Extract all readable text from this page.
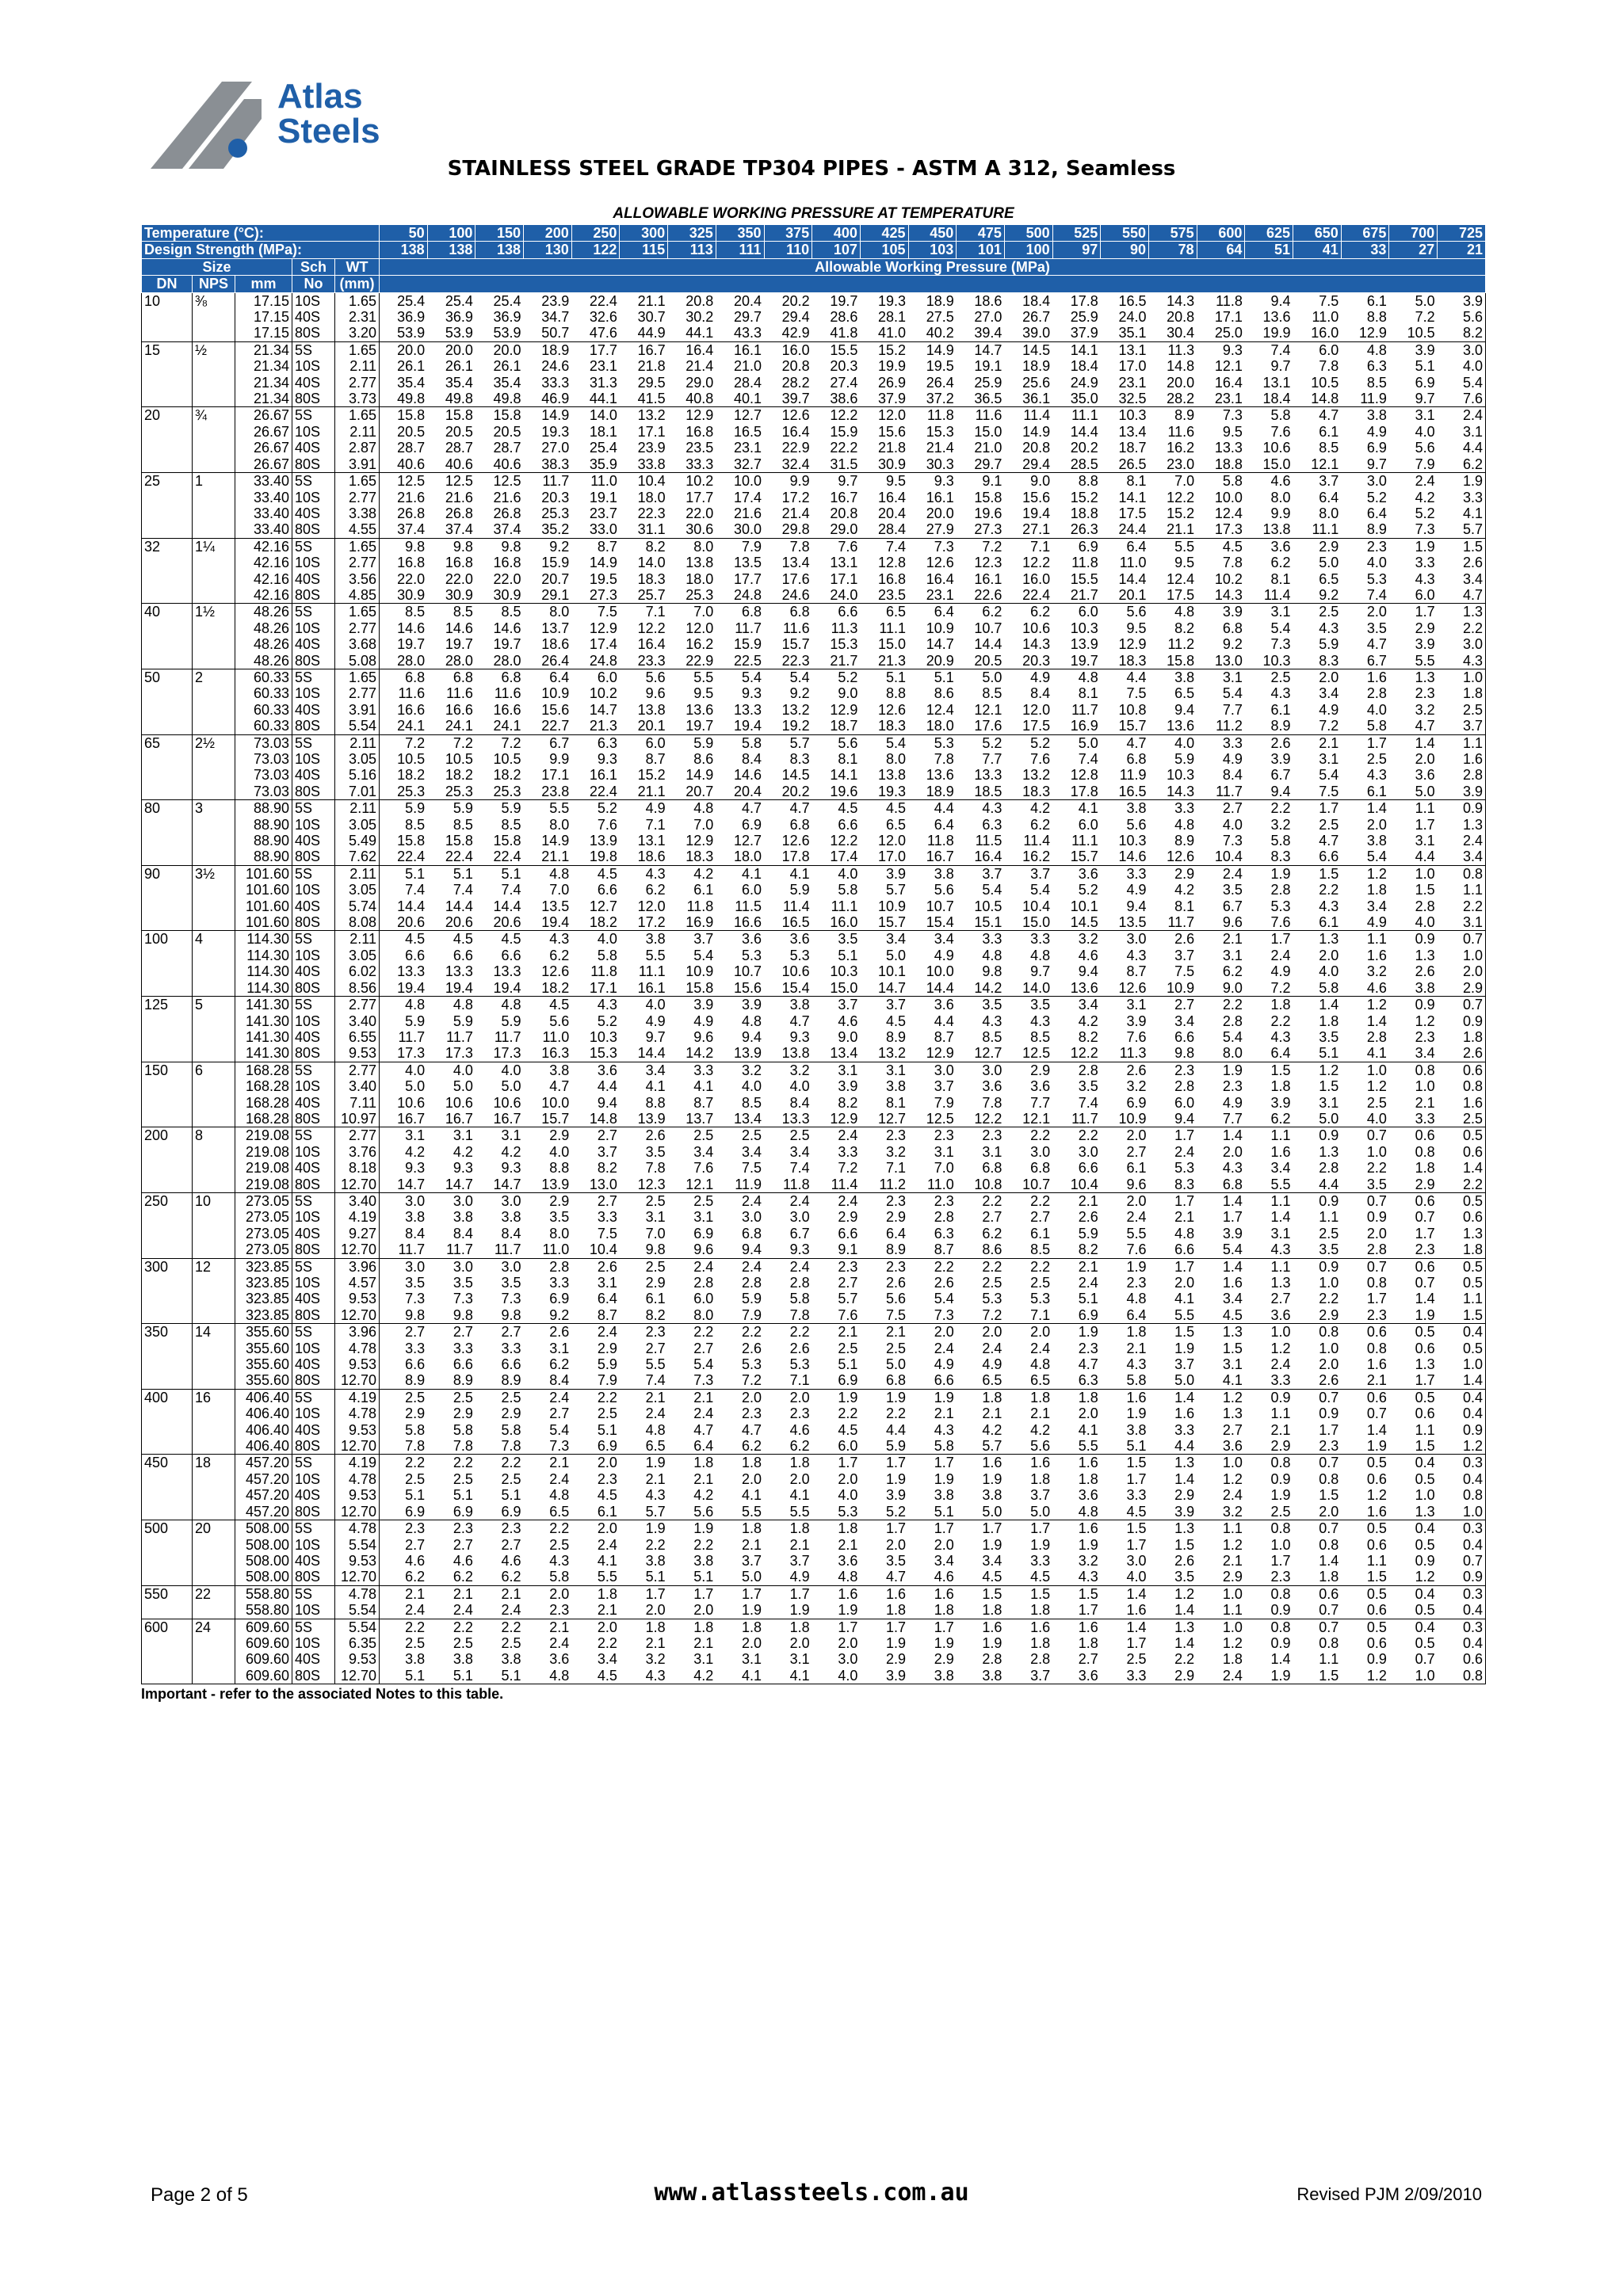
Atlas
Steels
STAINLESS STEEL GRADE TP304 PIPES - ASTM A 312, Seamless
ALLOWABLE WORKING PRESSURE AT TEMPERATURE
Temperature (°C):					50	100	150	200	250	300	325	350	375	400	425	450	475	500	525	550	575	600	625	650	675	700	725
Design Strength (MPa):					138	138	138	130	122	115	113	111	110	107	105	103	101	100	97	90	78	64	51	41	33	27	21
Size			Sch	WT	Allowable Working Pressure (MPa)																						
DN	NPS	mm	No	(mm)																							
10	⅜	17.15	10S	1.65	25.4	25.4	25.4	23.9	22.4	21.1	20.8	20.4	20.2	19.7	19.3	18.9	18.6	18.4	17.8	16.5	14.3	11.8	9.4	7.5	6.1	5.0	3.9
		17.15	40S	2.31	36.9	36.9	36.9	34.7	32.6	30.7	30.2	29.7	29.4	28.6	28.1	27.5	27.0	26.7	25.9	24.0	20.8	17.1	13.6	11.0	8.8	7.2	5.6
		17.15	80S	3.20	53.9	53.9	53.9	50.7	47.6	44.9	44.1	43.3	42.9	41.8	41.0	40.2	39.4	39.0	37.9	35.1	30.4	25.0	19.9	16.0	12.9	10.5	8.2
15	½	21.34	5S	1.65	20.0	20.0	20.0	18.9	17.7	16.7	16.4	16.1	16.0	15.5	15.2	14.9	14.7	14.5	14.1	13.1	11.3	9.3	7.4	6.0	4.8	3.9	3.0
		21.34	10S	2.11	26.1	26.1	26.1	24.6	23.1	21.8	21.4	21.0	20.8	20.3	19.9	19.5	19.1	18.9	18.4	17.0	14.8	12.1	9.7	7.8	6.3	5.1	4.0
		21.34	40S	2.77	35.4	35.4	35.4	33.3	31.3	29.5	29.0	28.4	28.2	27.4	26.9	26.4	25.9	25.6	24.9	23.1	20.0	16.4	13.1	10.5	8.5	6.9	5.4
		21.34	80S	3.73	49.8	49.8	49.8	46.9	44.1	41.5	40.8	40.1	39.7	38.6	37.9	37.2	36.5	36.1	35.0	32.5	28.2	23.1	18.4	14.8	11.9	9.7	7.6
20	¾	26.67	5S	1.65	15.8	15.8	15.8	14.9	14.0	13.2	12.9	12.7	12.6	12.2	12.0	11.8	11.6	11.4	11.1	10.3	8.9	7.3	5.8	4.7	3.8	3.1	2.4
		26.67	10S	2.11	20.5	20.5	20.5	19.3	18.1	17.1	16.8	16.5	16.4	15.9	15.6	15.3	15.0	14.9	14.4	13.4	11.6	9.5	7.6	6.1	4.9	4.0	3.1
		26.67	40S	2.87	28.7	28.7	28.7	27.0	25.4	23.9	23.5	23.1	22.9	22.2	21.8	21.4	21.0	20.8	20.2	18.7	16.2	13.3	10.6	8.5	6.9	5.6	4.4
		26.67	80S	3.91	40.6	40.6	40.6	38.3	35.9	33.8	33.3	32.7	32.4	31.5	30.9	30.3	29.7	29.4	28.5	26.5	23.0	18.8	15.0	12.1	9.7	7.9	6.2
25	1	33.40	5S	1.65	12.5	12.5	12.5	11.7	11.0	10.4	10.2	10.0	9.9	9.7	9.5	9.3	9.1	9.0	8.8	8.1	7.0	5.8	4.6	3.7	3.0	2.4	1.9
		33.40	10S	2.77	21.6	21.6	21.6	20.3	19.1	18.0	17.7	17.4	17.2	16.7	16.4	16.1	15.8	15.6	15.2	14.1	12.2	10.0	8.0	6.4	5.2	4.2	3.3
		33.40	40S	3.38	26.8	26.8	26.8	25.3	23.7	22.3	22.0	21.6	21.4	20.8	20.4	20.0	19.6	19.4	18.8	17.5	15.2	12.4	9.9	8.0	6.4	5.2	4.1
		33.40	80S	4.55	37.4	37.4	37.4	35.2	33.0	31.1	30.6	30.0	29.8	29.0	28.4	27.9	27.3	27.1	26.3	24.4	21.1	17.3	13.8	11.1	8.9	7.3	5.7
32	1¼	42.16	5S	1.65	9.8	9.8	9.8	9.2	8.7	8.2	8.0	7.9	7.8	7.6	7.4	7.3	7.2	7.1	6.9	6.4	5.5	4.5	3.6	2.9	2.3	1.9	1.5
		42.16	10S	2.77	16.8	16.8	16.8	15.9	14.9	14.0	13.8	13.5	13.4	13.1	12.8	12.6	12.3	12.2	11.8	11.0	9.5	7.8	6.2	5.0	4.0	3.3	2.6
		42.16	40S	3.56	22.0	22.0	22.0	20.7	19.5	18.3	18.0	17.7	17.6	17.1	16.8	16.4	16.1	16.0	15.5	14.4	12.4	10.2	8.1	6.5	5.3	4.3	3.4
		42.16	80S	4.85	30.9	30.9	30.9	29.1	27.3	25.7	25.3	24.8	24.6	24.0	23.5	23.1	22.6	22.4	21.7	20.1	17.5	14.3	11.4	9.2	7.4	6.0	4.7
40	1½	48.26	5S	1.65	8.5	8.5	8.5	8.0	7.5	7.1	7.0	6.8	6.8	6.6	6.5	6.4	6.2	6.2	6.0	5.6	4.8	3.9	3.1	2.5	2.0	1.7	1.3
		48.26	10S	2.77	14.6	14.6	14.6	13.7	12.9	12.2	12.0	11.7	11.6	11.3	11.1	10.9	10.7	10.6	10.3	9.5	8.2	6.8	5.4	4.3	3.5	2.9	2.2
		48.26	40S	3.68	19.7	19.7	19.7	18.6	17.4	16.4	16.2	15.9	15.7	15.3	15.0	14.7	14.4	14.3	13.9	12.9	11.2	9.2	7.3	5.9	4.7	3.9	3.0
		48.26	80S	5.08	28.0	28.0	28.0	26.4	24.8	23.3	22.9	22.5	22.3	21.7	21.3	20.9	20.5	20.3	19.7	18.3	15.8	13.0	10.3	8.3	6.7	5.5	4.3
50	2	60.33	5S	1.65	6.8	6.8	6.8	6.4	6.0	5.6	5.5	5.4	5.4	5.2	5.1	5.1	5.0	4.9	4.8	4.4	3.8	3.1	2.5	2.0	1.6	1.3	1.0
		60.33	10S	2.77	11.6	11.6	11.6	10.9	10.2	9.6	9.5	9.3	9.2	9.0	8.8	8.6	8.5	8.4	8.1	7.5	6.5	5.4	4.3	3.4	2.8	2.3	1.8
		60.33	40S	3.91	16.6	16.6	16.6	15.6	14.7	13.8	13.6	13.3	13.2	12.9	12.6	12.4	12.1	12.0	11.7	10.8	9.4	7.7	6.1	4.9	4.0	3.2	2.5
		60.33	80S	5.54	24.1	24.1	24.1	22.7	21.3	20.1	19.7	19.4	19.2	18.7	18.3	18.0	17.6	17.5	16.9	15.7	13.6	11.2	8.9	7.2	5.8	4.7	3.7
65	2½	73.03	5S	2.11	7.2	7.2	7.2	6.7	6.3	6.0	5.9	5.8	5.7	5.6	5.4	5.3	5.2	5.2	5.0	4.7	4.0	3.3	2.6	2.1	1.7	1.4	1.1
		73.03	10S	3.05	10.5	10.5	10.5	9.9	9.3	8.7	8.6	8.4	8.3	8.1	8.0	7.8	7.7	7.6	7.4	6.8	5.9	4.9	3.9	3.1	2.5	2.0	1.6
		73.03	40S	5.16	18.2	18.2	18.2	17.1	16.1	15.2	14.9	14.6	14.5	14.1	13.8	13.6	13.3	13.2	12.8	11.9	10.3	8.4	6.7	5.4	4.3	3.6	2.8
		73.03	80S	7.01	25.3	25.3	25.3	23.8	22.4	21.1	20.7	20.4	20.2	19.6	19.3	18.9	18.5	18.3	17.8	16.5	14.3	11.7	9.4	7.5	6.1	5.0	3.9
80	3	88.90	5S	2.11	5.9	5.9	5.9	5.5	5.2	4.9	4.8	4.7	4.7	4.5	4.5	4.4	4.3	4.2	4.1	3.8	3.3	2.7	2.2	1.7	1.4	1.1	0.9
		88.90	10S	3.05	8.5	8.5	8.5	8.0	7.6	7.1	7.0	6.9	6.8	6.6	6.5	6.4	6.3	6.2	6.0	5.6	4.8	4.0	3.2	2.5	2.0	1.7	1.3
		88.90	40S	5.49	15.8	15.8	15.8	14.9	13.9	13.1	12.9	12.7	12.6	12.2	12.0	11.8	11.5	11.4	11.1	10.3	8.9	7.3	5.8	4.7	3.8	3.1	2.4
		88.90	80S	7.62	22.4	22.4	22.4	21.1	19.8	18.6	18.3	18.0	17.8	17.4	17.0	16.7	16.4	16.2	15.7	14.6	12.6	10.4	8.3	6.6	5.4	4.4	3.4
90	3½	101.60	5S	2.11	5.1	5.1	5.1	4.8	4.5	4.3	4.2	4.1	4.1	4.0	3.9	3.8	3.7	3.7	3.6	3.3	2.9	2.4	1.9	1.5	1.2	1.0	0.8
		101.60	10S	3.05	7.4	7.4	7.4	7.0	6.6	6.2	6.1	6.0	5.9	5.8	5.7	5.6	5.4	5.4	5.2	4.9	4.2	3.5	2.8	2.2	1.8	1.5	1.1
		101.60	40S	5.74	14.4	14.4	14.4	13.5	12.7	12.0	11.8	11.5	11.4	11.1	10.9	10.7	10.5	10.4	10.1	9.4	8.1	6.7	5.3	4.3	3.4	2.8	2.2
		101.60	80S	8.08	20.6	20.6	20.6	19.4	18.2	17.2	16.9	16.6	16.5	16.0	15.7	15.4	15.1	15.0	14.5	13.5	11.7	9.6	7.6	6.1	4.9	4.0	3.1
100	4	114.30	5S	2.11	4.5	4.5	4.5	4.3	4.0	3.8	3.7	3.6	3.6	3.5	3.4	3.4	3.3	3.3	3.2	3.0	2.6	2.1	1.7	1.3	1.1	0.9	0.7
		114.30	10S	3.05	6.6	6.6	6.6	6.2	5.8	5.5	5.4	5.3	5.3	5.1	5.0	4.9	4.8	4.8	4.6	4.3	3.7	3.1	2.4	2.0	1.6	1.3	1.0
		114.30	40S	6.02	13.3	13.3	13.3	12.6	11.8	11.1	10.9	10.7	10.6	10.3	10.1	10.0	9.8	9.7	9.4	8.7	7.5	6.2	4.9	4.0	3.2	2.6	2.0
		114.30	80S	8.56	19.4	19.4	19.4	18.2	17.1	16.1	15.8	15.6	15.4	15.0	14.7	14.4	14.2	14.0	13.6	12.6	10.9	9.0	7.2	5.8	4.6	3.8	2.9
125	5	141.30	5S	2.77	4.8	4.8	4.8	4.5	4.3	4.0	3.9	3.9	3.8	3.7	3.7	3.6	3.5	3.5	3.4	3.1	2.7	2.2	1.8	1.4	1.2	0.9	0.7
		141.30	10S	3.40	5.9	5.9	5.9	5.6	5.2	4.9	4.9	4.8	4.7	4.6	4.5	4.4	4.3	4.3	4.2	3.9	3.4	2.8	2.2	1.8	1.4	1.2	0.9
		141.30	40S	6.55	11.7	11.7	11.7	11.0	10.3	9.7	9.6	9.4	9.3	9.0	8.9	8.7	8.5	8.5	8.2	7.6	6.6	5.4	4.3	3.5	2.8	2.3	1.8
		141.30	80S	9.53	17.3	17.3	17.3	16.3	15.3	14.4	14.2	13.9	13.8	13.4	13.2	12.9	12.7	12.5	12.2	11.3	9.8	8.0	6.4	5.1	4.1	3.4	2.6
150	6	168.28	5S	2.77	4.0	4.0	4.0	3.8	3.6	3.4	3.3	3.2	3.2	3.1	3.1	3.0	3.0	2.9	2.8	2.6	2.3	1.9	1.5	1.2	1.0	0.8	0.6
		168.28	10S	3.40	5.0	5.0	5.0	4.7	4.4	4.1	4.1	4.0	4.0	3.9	3.8	3.7	3.6	3.6	3.5	3.2	2.8	2.3	1.8	1.5	1.2	1.0	0.8
		168.28	40S	7.11	10.6	10.6	10.6	10.0	9.4	8.8	8.7	8.5	8.4	8.2	8.1	7.9	7.8	7.7	7.4	6.9	6.0	4.9	3.9	3.1	2.5	2.1	1.6
		168.28	80S	10.97	16.7	16.7	16.7	15.7	14.8	13.9	13.7	13.4	13.3	12.9	12.7	12.5	12.2	12.1	11.7	10.9	9.4	7.7	6.2	5.0	4.0	3.3	2.5
200	8	219.08	5S	2.77	3.1	3.1	3.1	2.9	2.7	2.6	2.5	2.5	2.5	2.4	2.3	2.3	2.3	2.2	2.2	2.0	1.7	1.4	1.1	0.9	0.7	0.6	0.5
		219.08	10S	3.76	4.2	4.2	4.2	4.0	3.7	3.5	3.4	3.4	3.4	3.3	3.2	3.1	3.1	3.0	3.0	2.7	2.4	2.0	1.6	1.3	1.0	0.8	0.6
		219.08	40S	8.18	9.3	9.3	9.3	8.8	8.2	7.8	7.6	7.5	7.4	7.2	7.1	7.0	6.8	6.8	6.6	6.1	5.3	4.3	3.4	2.8	2.2	1.8	1.4
		219.08	80S	12.70	14.7	14.7	14.7	13.9	13.0	12.3	12.1	11.9	11.8	11.4	11.2	11.0	10.8	10.7	10.4	9.6	8.3	6.8	5.5	4.4	3.5	2.9	2.2
250	10	273.05	5S	3.40	3.0	3.0	3.0	2.9	2.7	2.5	2.5	2.4	2.4	2.4	2.3	2.3	2.2	2.2	2.1	2.0	1.7	1.4	1.1	0.9	0.7	0.6	0.5
		273.05	10S	4.19	3.8	3.8	3.8	3.5	3.3	3.1	3.1	3.0	3.0	2.9	2.9	2.8	2.7	2.7	2.6	2.4	2.1	1.7	1.4	1.1	0.9	0.7	0.6
		273.05	40S	9.27	8.4	8.4	8.4	8.0	7.5	7.0	6.9	6.8	6.7	6.6	6.4	6.3	6.2	6.1	5.9	5.5	4.8	3.9	3.1	2.5	2.0	1.7	1.3
		273.05	80S	12.70	11.7	11.7	11.7	11.0	10.4	9.8	9.6	9.4	9.3	9.1	8.9	8.7	8.6	8.5	8.2	7.6	6.6	5.4	4.3	3.5	2.8	2.3	1.8
300	12	323.85	5S	3.96	3.0	3.0	3.0	2.8	2.6	2.5	2.4	2.4	2.4	2.3	2.3	2.2	2.2	2.2	2.1	1.9	1.7	1.4	1.1	0.9	0.7	0.6	0.5
		323.85	10S	4.57	3.5	3.5	3.5	3.3	3.1	2.9	2.8	2.8	2.8	2.7	2.6	2.6	2.5	2.5	2.4	2.3	2.0	1.6	1.3	1.0	0.8	0.7	0.5
		323.85	40S	9.53	7.3	7.3	7.3	6.9	6.4	6.1	6.0	5.9	5.8	5.7	5.6	5.4	5.3	5.3	5.1	4.8	4.1	3.4	2.7	2.2	1.7	1.4	1.1
		323.85	80S	12.70	9.8	9.8	9.8	9.2	8.7	8.2	8.0	7.9	7.8	7.6	7.5	7.3	7.2	7.1	6.9	6.4	5.5	4.5	3.6	2.9	2.3	1.9	1.5
350	14	355.60	5S	3.96	2.7	2.7	2.7	2.6	2.4	2.3	2.2	2.2	2.2	2.1	2.1	2.0	2.0	2.0	1.9	1.8	1.5	1.3	1.0	0.8	0.6	0.5	0.4
		355.60	10S	4.78	3.3	3.3	3.3	3.1	2.9	2.7	2.7	2.6	2.6	2.5	2.5	2.4	2.4	2.4	2.3	2.1	1.9	1.5	1.2	1.0	0.8	0.6	0.5
		355.60	40S	9.53	6.6	6.6	6.6	6.2	5.9	5.5	5.4	5.3	5.3	5.1	5.0	4.9	4.9	4.8	4.7	4.3	3.7	3.1	2.4	2.0	1.6	1.3	1.0
		355.60	80S	12.70	8.9	8.9	8.9	8.4	7.9	7.4	7.3	7.2	7.1	6.9	6.8	6.6	6.5	6.5	6.3	5.8	5.0	4.1	3.3	2.6	2.1	1.7	1.4
400	16	406.40	5S	4.19	2.5	2.5	2.5	2.4	2.2	2.1	2.1	2.0	2.0	1.9	1.9	1.9	1.8	1.8	1.8	1.6	1.4	1.2	0.9	0.7	0.6	0.5	0.4
		406.40	10S	4.78	2.9	2.9	2.9	2.7	2.5	2.4	2.4	2.3	2.3	2.2	2.2	2.1	2.1	2.1	2.0	1.9	1.6	1.3	1.1	0.9	0.7	0.6	0.4
		406.40	40S	9.53	5.8	5.8	5.8	5.4	5.1	4.8	4.7	4.7	4.6	4.5	4.4	4.3	4.2	4.2	4.1	3.8	3.3	2.7	2.1	1.7	1.4	1.1	0.9
		406.40	80S	12.70	7.8	7.8	7.8	7.3	6.9	6.5	6.4	6.2	6.2	6.0	5.9	5.8	5.7	5.6	5.5	5.1	4.4	3.6	2.9	2.3	1.9	1.5	1.2
450	18	457.20	5S	4.19	2.2	2.2	2.2	2.1	2.0	1.9	1.8	1.8	1.8	1.7	1.7	1.7	1.6	1.6	1.6	1.5	1.3	1.0	0.8	0.7	0.5	0.4	0.3
		457.20	10S	4.78	2.5	2.5	2.5	2.4	2.3	2.1	2.1	2.0	2.0	2.0	1.9	1.9	1.9	1.8	1.8	1.7	1.4	1.2	0.9	0.8	0.6	0.5	0.4
		457.20	40S	9.53	5.1	5.1	5.1	4.8	4.5	4.3	4.2	4.1	4.1	4.0	3.9	3.8	3.8	3.7	3.6	3.3	2.9	2.4	1.9	1.5	1.2	1.0	0.8
		457.20	80S	12.70	6.9	6.9	6.9	6.5	6.1	5.7	5.6	5.5	5.5	5.3	5.2	5.1	5.0	5.0	4.8	4.5	3.9	3.2	2.5	2.0	1.6	1.3	1.0
500	20	508.00	5S	4.78	2.3	2.3	2.3	2.2	2.0	1.9	1.9	1.8	1.8	1.8	1.7	1.7	1.7	1.7	1.6	1.5	1.3	1.1	0.8	0.7	0.5	0.4	0.3
		508.00	10S	5.54	2.7	2.7	2.7	2.5	2.4	2.2	2.2	2.1	2.1	2.1	2.0	2.0	1.9	1.9	1.9	1.7	1.5	1.2	1.0	0.8	0.6	0.5	0.4
		508.00	40S	9.53	4.6	4.6	4.6	4.3	4.1	3.8	3.8	3.7	3.7	3.6	3.5	3.4	3.4	3.3	3.2	3.0	2.6	2.1	1.7	1.4	1.1	0.9	0.7
		508.00	80S	12.70	6.2	6.2	6.2	5.8	5.5	5.1	5.1	5.0	4.9	4.8	4.7	4.6	4.5	4.5	4.3	4.0	3.5	2.9	2.3	1.8	1.5	1.2	0.9
550	22	558.80	5S	4.78	2.1	2.1	2.1	2.0	1.8	1.7	1.7	1.7	1.7	1.6	1.6	1.6	1.5	1.5	1.5	1.4	1.2	1.0	0.8	0.6	0.5	0.4	0.3
		558.80	10S	5.54	2.4	2.4	2.4	2.3	2.1	2.0	2.0	1.9	1.9	1.9	1.8	1.8	1.8	1.8	1.7	1.6	1.4	1.1	0.9	0.7	0.6	0.5	0.4
600	24	609.60	5S	5.54	2.2	2.2	2.2	2.1	2.0	1.8	1.8	1.8	1.8	1.7	1.7	1.7	1.6	1.6	1.6	1.4	1.3	1.0	0.8	0.7	0.5	0.4	0.3
		609.60	10S	6.35	2.5	2.5	2.5	2.4	2.2	2.1	2.1	2.0	2.0	2.0	1.9	1.9	1.9	1.8	1.8	1.7	1.4	1.2	0.9	0.8	0.6	0.5	0.4
		609.60	40S	9.53	3.8	3.8	3.8	3.6	3.4	3.2	3.1	3.1	3.1	3.0	2.9	2.9	2.8	2.8	2.7	2.5	2.2	1.8	1.4	1.1	0.9	0.7	0.6
		609.60	80S	12.70	5.1	5.1	5.1	4.8	4.5	4.3	4.2	4.1	4.1	4.0	3.9	3.8	3.8	3.7	3.6	3.3	2.9	2.4	1.9	1.5	1.2	1.0	0.8
Important - refer to the associated Notes to this table.
Page 2 of 5	www.atlassteels.com.au	Revised PJM 2/09/2010
